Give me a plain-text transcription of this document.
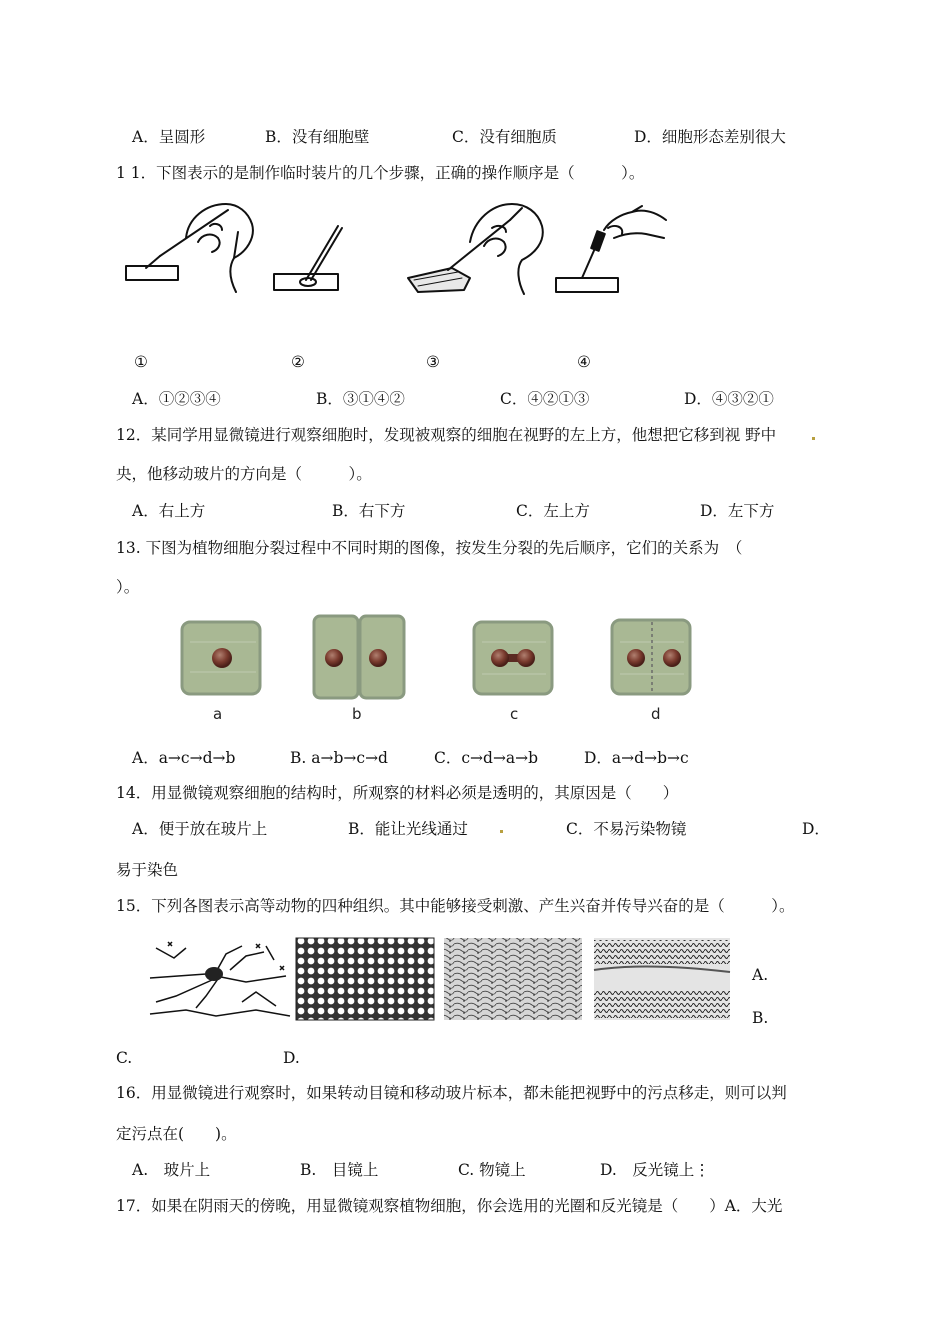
A．呈圆形	B．没有细胞壁	C．没有细胞质	D．细胞形态差别很大
1 1．下图表示的是制作临时装片的几个步骤，正确的操作顺序是（　　　）。
①	②	③	④
A．①②③④	B．③①④②	C．④②①③	D．④③②①
12．某同学用显微镜进行观察细胞时，发现被观察的细胞在视野的左上方，他想把它移到视 野中
央，他移动玻片的方向是（　　　）。
A．右上方	B．右下方	C．左上方	D．左下方
13. 下图为植物细胞分裂过程中不同时期的图像，按发生分裂的先后顺序，它们的关系为　（
）。
a	b	c	d
A．a→c→d→b	B. a→b→c→d	C．c→d→a→b	D．a→d→b→c
14．用显微镜观察细胞的结构时，所观察的材料必须是透明的，其原因是（　　）
A．便于放在玻片上	B．能让光线通过	C．不易污染物镜	D．
易于染色
15．下列各图表示高等动物的四种组织。其中能够接受刺激、产生兴奋并传导兴奋的是（　　　）。
A.
B.
C.	D.
16．用显微镜进行观察时，如果转动目镜和移动玻片标本，都未能把视野中的污点移走，则可以判
定污点在(　　)。
A.　玻片上	B.　目镜上	C. 物镜上	D.　反光镜上⋮
17．如果在阴雨天的傍晚，用显微镜观察植物细胞，你会选用的光圈和反光镜是（　　）A．大光
